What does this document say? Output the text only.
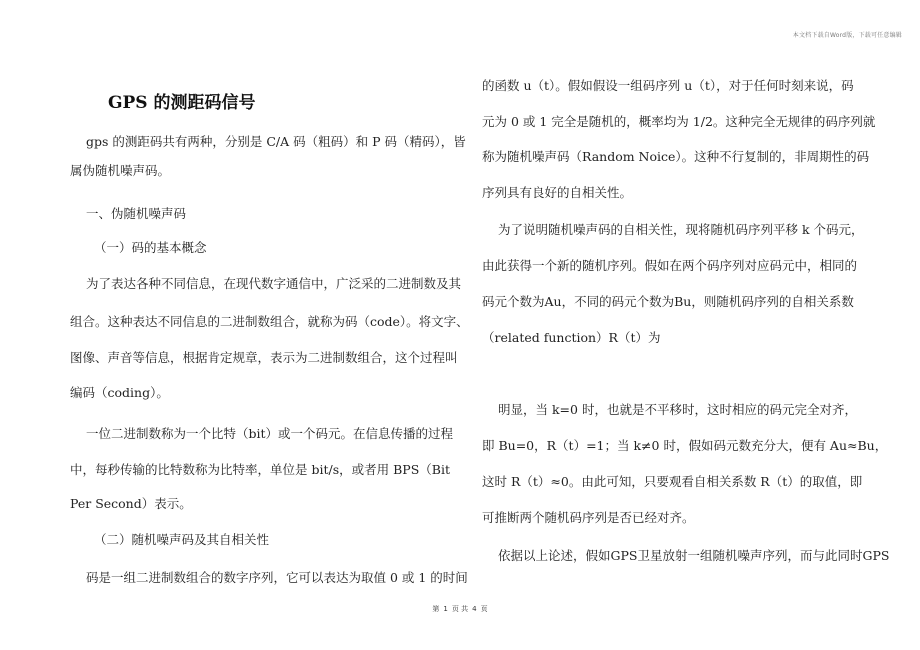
本文档下载自Word版，下载可任意编辑
GPS 的测距码信号
gps 的测距码共有两种，分别是 C/A 码（粗码）和 P 码（精码），皆
属伪随机噪声码。
一、伪随机噪声码
（一）码的基本概念
为了表达各种不同信息，在现代数字通信中，广泛采的二进制数及其
组合。这种表达不同信息的二进制数组合，就称为码（code）。将文字、
图像、声音等信息，根据肯定规章，表示为二进制数组合，这个过程叫
编码（coding）。
一位二进制数称为一个比特（bit）或一个码元。在信息传播的过程
中，每秒传输的比特数称为比特率，单位是 bit/s，或者用 BPS（Bit
Per Second）表示。
（二）随机噪声码及其自相关性
码是一组二进制数组合的数字序列，它可以表达为取值 0 或 1 的时间
的函数 u（t）。假如假设一组码序列 u（t），对于任何时刻来说，码
元为 0 或 1 完全是随机的，概率均为 1/2。这种完全无规律的码序列就
称为随机噪声码（Random Noice）。这种不行复制的，非周期性的码
序列具有良好的自相关性。
为了说明随机噪声码的自相关性，现将随机码序列平移 k 个码元，
由此获得一个新的随机序列。假如在两个码序列对应码元中，相同的
码元个数为Au，不同的码元个数为Bu，则随机码序列的自相关系数
（related function）R（t）为
明显，当 k=0 时，也就是不平移时，这时相应的码元完全对齐，
即 Bu=0，R（t）=1；当 k≠0 时，假如码元数充分大，便有 Au≈Bu，
这时 R（t）≈0。由此可知，只要观看自相关系数 R（t）的取值，即
可推断两个随机码序列是否已经对齐。
依据以上论述，假如GPS卫星放射一组随机噪声序列，而与此同时GPS
第 1 页 共 4 页
